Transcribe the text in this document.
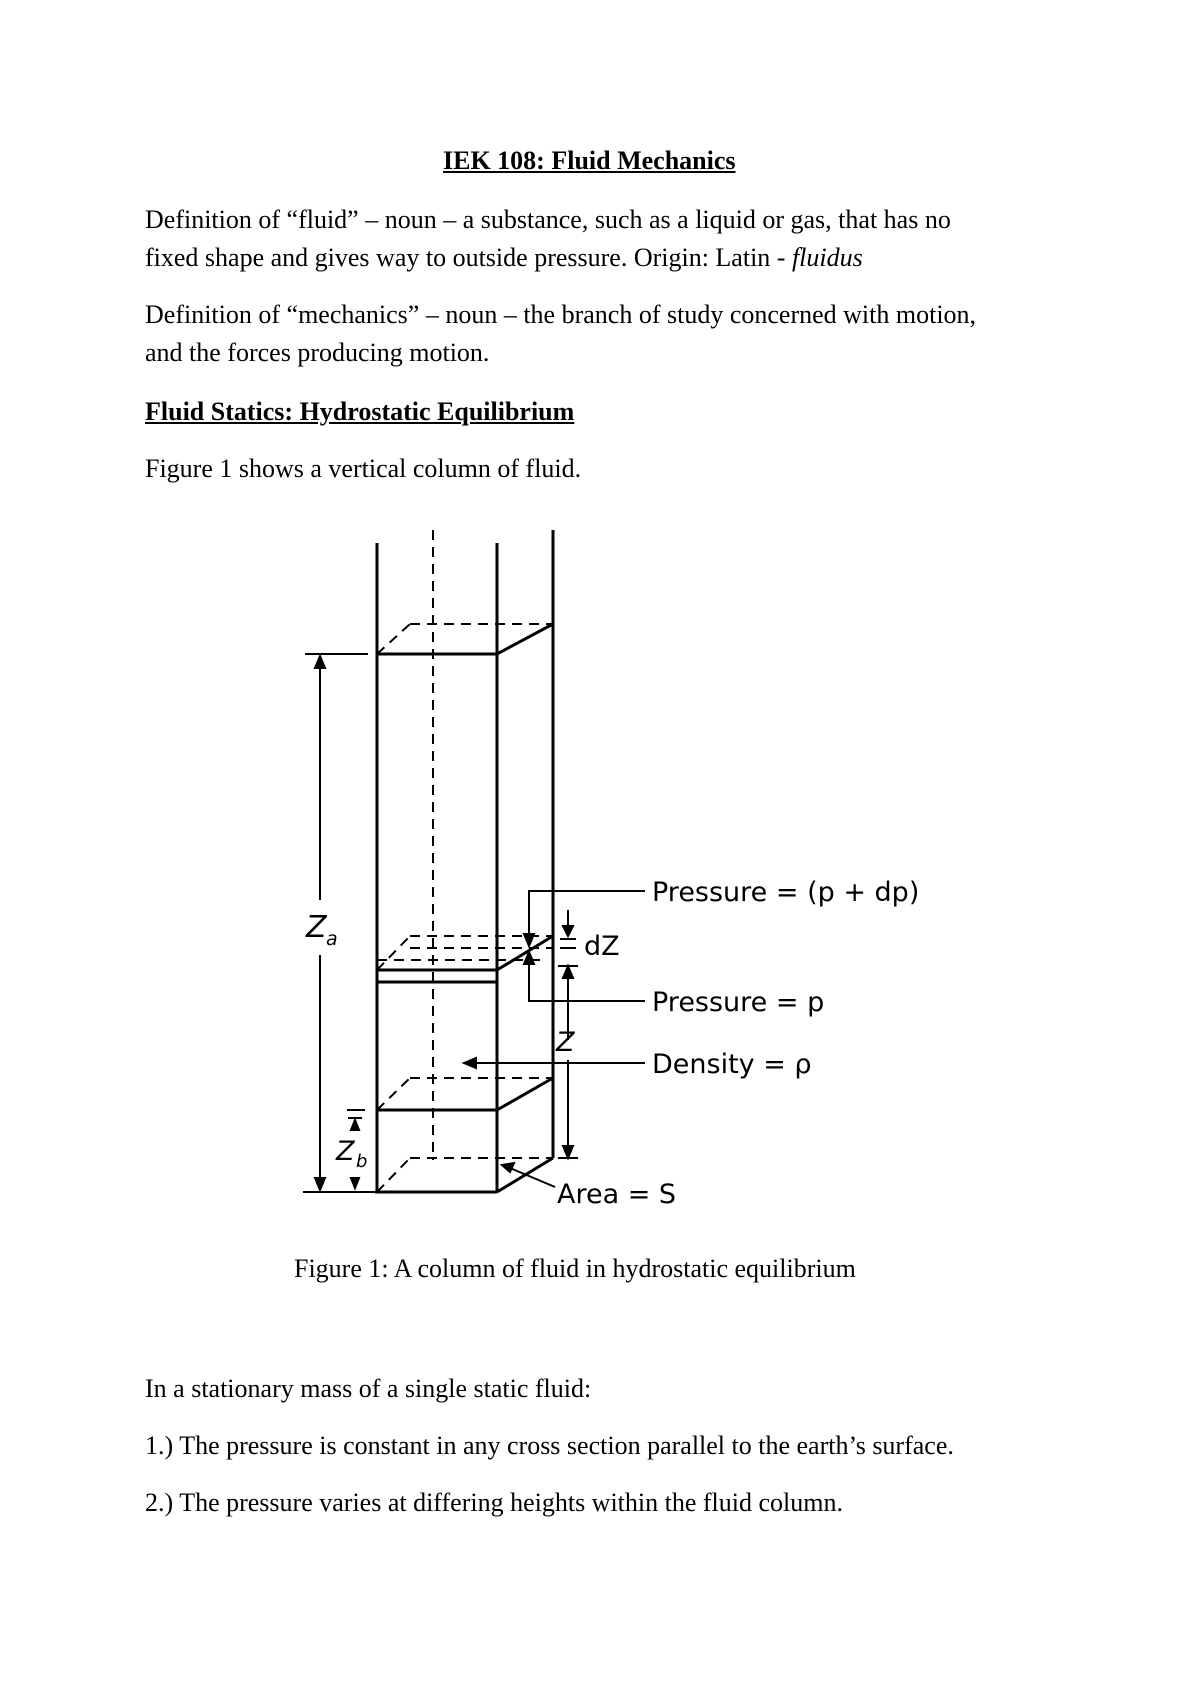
IEK 108: Fluid Mechanics
Definition of “fluid” – noun – a substance, such as a liquid or gas, that has no
fixed shape and gives way to outside pressure. Origin: Latin - fluidus
Definition of “mechanics” – noun – the branch of study concerned with motion,
and the forces producing motion.
Fluid Statics: Hydrostatic Equilibrium
Figure 1 shows a vertical column of fluid.
Pressure = (p + dp)
dZ
Pressure = p
Z
Density = ρ
Z a
Z b
Area = S
Figure 1: A column of fluid in hydrostatic equilibrium
In a stationary mass of a single static fluid:
1.) The pressure is constant in any cross section parallel to the earth’s surface.
2.) The pressure varies at differing heights within the fluid column.
